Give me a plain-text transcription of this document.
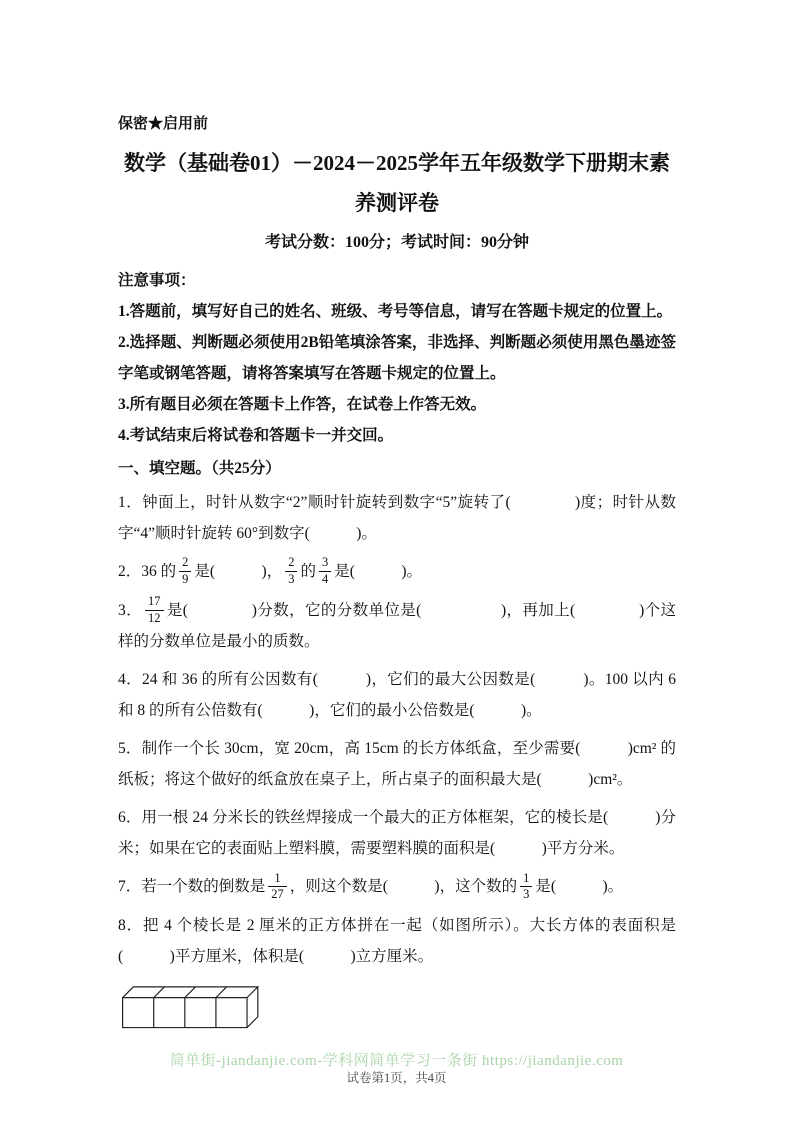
保密★启用前
数学（基础卷01）－2024－2025学年五年级数学下册期末素养测评卷
考试分数：100分；考试时间：90分钟
注意事项：

1.答题前，填写好自己的姓名、班级、考号等信息，请写在答题卡规定的位置上。

2.选择题、判断题必须使用2B铅笔填涂答案，非选择、判断题必须使用黑色墨迹签字笔或钢笔答题，请将答案填写在答题卡规定的位置上。

3.所有题目必须在答题卡上作答，在试卷上作答无效。

4.考试结束后将试卷和答题卡一并交回。

一、填空题。（共25分）

1．钟面上，时针从数字“2”顺时针旋转到数字“5”旋转了(　　　　)度；时针从数字“4”顺时针旋转 60°到数字(　　　)。

2．36 的 $\frac{2}{9}$ 是(　　　)， $\frac{2}{3}$ 的 $\frac{3}{4}$ 是(　　　)。

3． $\frac{17}{12}$ 是(　　　　)分数，它的分数单位是(　　　　　)，再加上(　　　　)个这样的分数单位是最小的质数。

4．24 和 36 的所有公因数有(　　　)，它们的最大公因数是(　　　)。100 以内 6 和 8 的所有公倍数有(　　　)，它们的最小公倍数是(　　　)。

5．制作一个长 30cm，宽 20cm，高 15cm 的长方体纸盒，至少需要(　　　)cm² 的纸板；将这个做好的纸盒放在桌子上，所占桌子的面积最大是(　　　)cm²。

6．用一根 24 分米长的铁丝焊接成一个最大的正方体框架，它的棱长是(　　　)分米；如果在它的表面贴上塑料膜，需要塑料膜的面积是(　　　)平方分米。

7．若一个数的倒数是 $\frac{1}{27}$ ，则这个数是(　　　)，这个数的 $\frac{1}{3}$ 是(　　　)。

8．把 4 个棱长是 2 厘米的正方体拼在一起（如图所示）。大长方体的表面积是(　　　)平方厘米，体积是(　　　)立方厘米。

简单街-jiandanjie.com-学科网简单学习一条街 https://jiandanjie.com
试卷第1页，共4页
